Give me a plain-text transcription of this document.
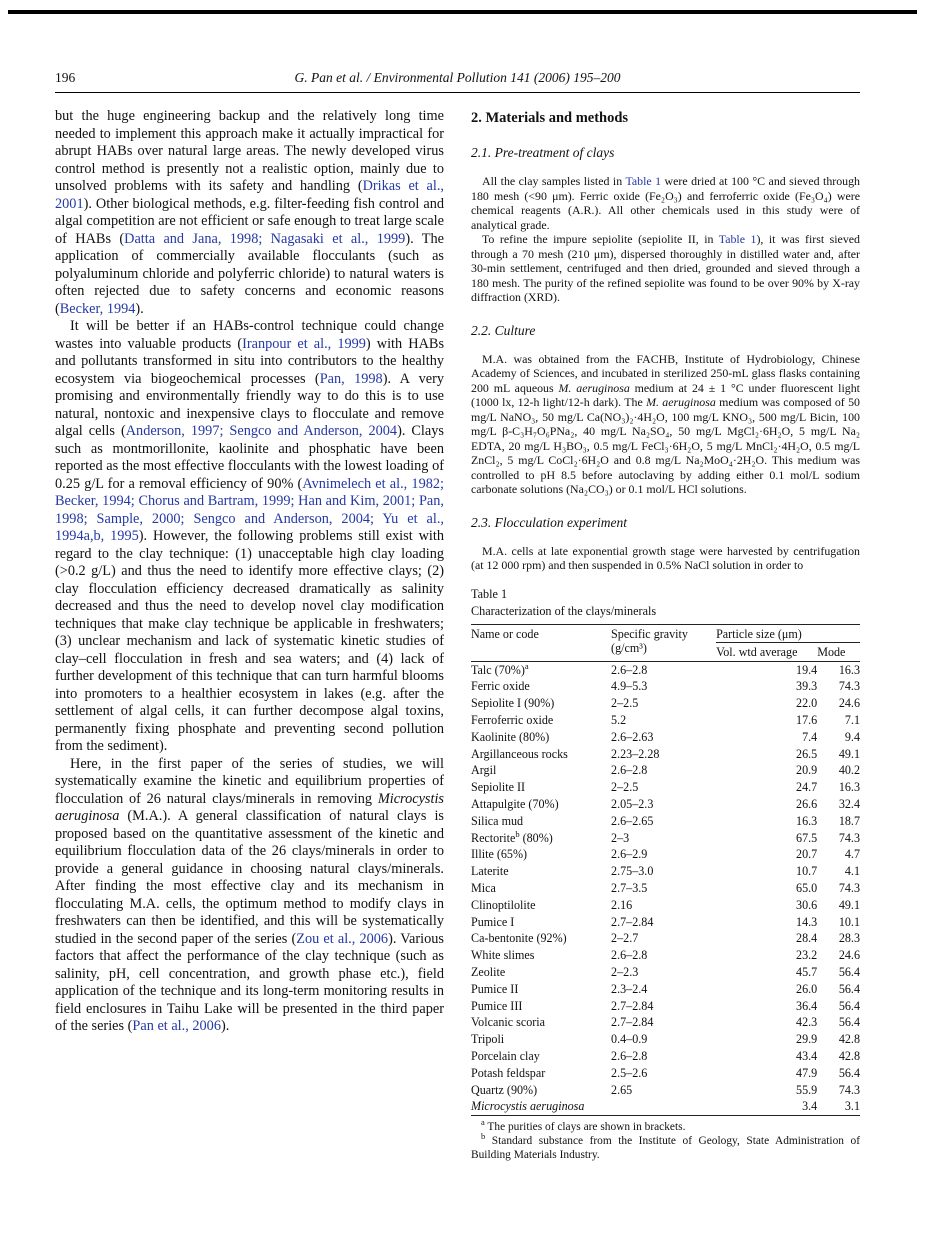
196	G. Pan et al. / Environmental Pollution 141 (2006) 195–200

but the huge engineering backup and the relatively long time needed to implement this approach make it actually impractical for abrupt HABs over natural large areas. The newly developed virus control method is presently not a realistic option, mainly due to unsolved problems with its safety and handling (Drikas et al., 2001). Other biological methods, e.g. filter-feeding fish control and algal competition are not efficient or safe enough to treat large scale of HABs (Datta and Jana, 1998; Nagasaki et al., 1999). The application of commercially available flocculants (such as polyaluminum chloride and polyferric chloride) to natural waters is often rejected due to safety concerns and economic reasons (Becker, 1994).

It will be better if an HABs-control technique could change wastes into valuable products (Iranpour et al., 1999) with HABs and pollutants transformed in situ into contributors to the healthy ecosystem via biogeochemical processes (Pan, 1998). A very promising and environmentally friendly way to do this is to use natural, nontoxic and inexpensive clays to flocculate and remove algal cells (Anderson, 1997; Sengco and Anderson, 2004). Clays such as montmorillonite, kaolinite and phosphatic have been reported as the most effective flocculants with the lowest loading of 0.25 g/L for a removal efficiency of 90% (Avnimelech et al., 1982; Becker, 1994; Chorus and Bartram, 1999; Han and Kim, 2001; Pan, 1998; Sample, 2000; Sengco and Anderson, 2004; Yu et al., 1994a,b, 1995). However, the following problems still exist with regard to the clay technique: (1) unacceptable high clay loading (>0.2 g/L) and thus the need to identify more effective clays; (2) clay flocculation efficiency decreased dramatically as salinity decreased and thus the need to develop novel clay modification techniques that make clay technique be applicable in freshwaters; (3) unclear mechanism and lack of systematic kinetic studies of clay–cell flocculation in fresh and sea waters; and (4) lack of further development of this technique that can turn harmful blooms into promoters to a healthier ecosystem in lakes (e.g. after the settlement of algal cells, it can further decompose algal toxins, permanently fixing phosphate and preventing second pollution from the sediment).

Here, in the first paper of the series of studies, we will systematically examine the kinetic and equilibrium properties of flocculation of 26 natural clays/minerals in removing Microcystis aeruginosa (M.A.). A general classification of natural clays is proposed based on the quantitative assessment of the kinetic and equilibrium flocculation data of the 26 clays/minerals in order to provide a general guidance in choosing natural clays/minerals. After finding the most effective clay and its mechanism in flocculating M.A. cells, the optimum method to modify clays in freshwaters can then be identified, and this will be systematically studied in the second paper of the series (Zou et al., 2006). Various factors that affect the performance of the clay technique (such as salinity, pH, cell concentration, and growth phase etc.), field application of the technique and its long-term monitoring results in field enclosures in Taihu Lake will be presented in the third paper of the series (Pan et al., 2006).

2. Materials and methods
2.1. Pre-treatment of clays

All the clay samples listed in Table 1 were dried at 100 °C and sieved through 180 mesh (<90 μm). Ferric oxide (Fe₂O₃) and ferroferric oxide (Fe₃O₄) were chemical reagents (A.R.). All other chemicals used in this study were of analytical grade.

To refine the impure sepiolite (sepiolite II, in Table 1), it was first sieved through a 70 mesh (210 μm), dispersed thoroughly in distilled water and, after 30-min settlement, centrifuged and then dried, grounded and sieved through a 180 mesh. The purity of the refined sepiolite was found to be over 90% by X-ray diffraction (XRD).

2.2. Culture

M.A. was obtained from the FACHB, Institute of Hydrobiology, Chinese Academy of Sciences, and incubated in sterilized 250-mL glass flasks containing 200 mL aqueous M. aeruginosa medium at 24 ± 1 °C under fluorescent light (1000 lx, 12-h light/12-h dark). The M. aeruginosa medium was composed of 50 mg/L NaNO₃, 50 mg/L Ca(NO₃)₂·4H₂O, 100 mg/L KNO₃, 500 mg/L Bicin, 100 mg/L β-C₃H₇O₆PNa₂, 40 mg/L Na₂SO₄, 50 mg/L MgCl₂·6H₂O, 5 mg/L Na₂ EDTA, 20 mg/L H₃BO₃, 0.5 mg/L FeCl₃·6H₂O, 5 mg/L MnCl₂·4H₂O, 0.5 mg/L ZnCl₂, 5 mg/L CoCl₂·6H₂O and 0.8 mg/L Na₂MoO₄·2H₂O. This medium was controlled to pH 8.5 before autoclaving by adding either 0.1 mol/L sodium carbonate solutions (Na₂CO₃) or 0.1 mol/L HCl solutions.

2.3. Flocculation experiment

M.A. cells at late exponential growth stage were harvested by centrifugation (at 12 000 rpm) and then suspended in 0.5% NaCl solution in order to

Table 1
Characterization of the clays/minerals
Name or code	Specific gravity
(g/cm³)	Particle size (μm)	
		Vol. wtd average	Mode
Talc $(70\%)^a$	2.6–2.8	19.4	16.3
Ferric oxide	4.9–5.3	39.3	74.3
Sepiolite I (90%)	2–2.5	22.0	24.6
Ferroferric oxide	5.2	17.6	7.1
Kaolinite (80%)	2.6–2.63	7.4	9.4
Argillanceous rocks	2.23–2.28	26.5	49.1
Argil	2.6–2.8	20.9	40.2
Sepiolite II	2–2.5	24.7	16.3
Attapulgite (70%)	2.05–2.3	26.6	32.4
Silica mud	2.6–2.65	16.3	18.7
Rectorite$^b$ (80%)	2–3	67.5	74.3
Illite (65%)	2.6–2.9	20.7	4.7
Laterite	2.75–3.0	10.7	4.1
Mica	2.7–3.5	65.0	74.3
Clinoptilolite	2.16	30.6	49.1
Pumice I	2.7–2.84	14.3	10.1
Ca-bentonite (92%)	2–2.7	28.4	28.3
White slimes	2.6–2.8	23.2	24.6
Zeolite	2–2.3	45.7	56.4
Pumice II	2.3–2.4	26.0	56.4
Pumice III	2.7–2.84	36.4	56.4
Volcanic scoria	2.7–2.84	42.3	56.4
Tripoli	0.4–0.9	29.9	42.8
Porcelain clay	2.6–2.8	43.4	42.8
Potash feldspar	2.5–2.6	47.9	56.4
Quartz (90%)	2.65	55.9	74.3
Microcystis aeruginosa		3.4	3.1

$^a$ The purities of clays are shown in brackets.

$^b$ Standard substance from the Institute of Geology, State Administration of Building Materials Industry.
